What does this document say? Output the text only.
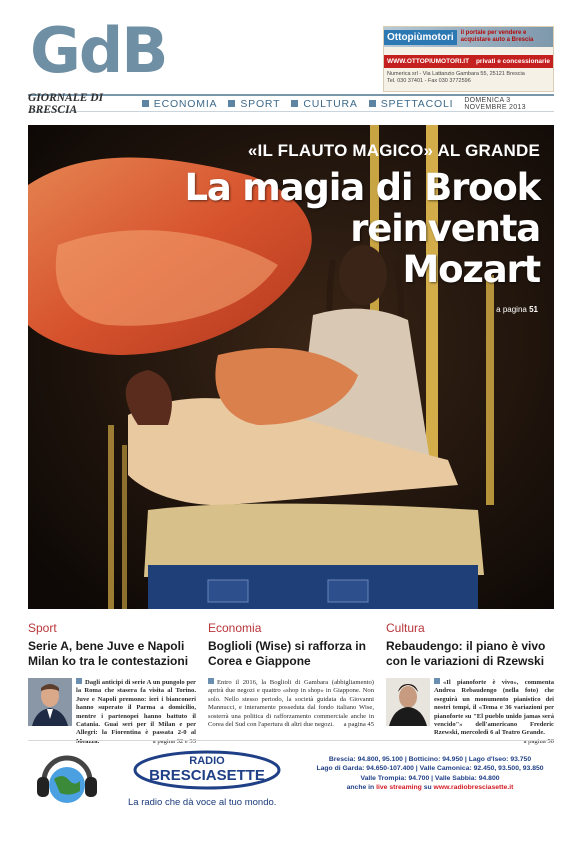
GdB	Ottopiùmotori	il portale per vendere e
acquistare auto a Brescia
WWW.OTTOPIUMOTORI.IT privati e concessionarie
Numerica srl - Via Lattanzio Gambara 55, 25121 Brescia
Tel. 030 37401 - Fax 030 3772596
GIORNALE DI BRESCIA	ECONOMIA SPORT CULTURA SPETTACOLI DOMENICA 3 NOVEMBRE 2013
«IL FLAUTO MAGICO» AL GRANDE
La magia di Brook
reinventa
Mozart
a pagina 51
Sport
Serie A, bene Juve e Napoli Milan ko tra le contestazioni
Dagli anticipi di serie A un pungolo per la Roma che stasera fa visita al Torino. Juve e Napoli premono: ieri i bianconeri hanno superato il Parma a domicilio, mentre i partenopei hanno battuto il Catania. Guai seri per il Milan e per Allegri: la Fiorentina è passata 2-0 al Meazza.	a pagina 32 e 33
Economia
Boglioli (Wise) si rafforza in Corea e Giappone
Entro il 2016, la Boglioli di Gambara (abbigliamento) aprirà due negozi e quattro «shop in shop» in Giappone. Non solo. Nello stesso periodo, la società guidata da Giovanni Mannucci, e interamente posseduta dal fondo italiano Wise, sosterrà una politica di rafforzamento commerciale anche in Corea del Sud con l'apertura di altri due negozi. a pagina 45
Cultura
Rebaudengo: il piano è vivo con le variazioni di Rzewski
«Il pianoforte è vivo», commenta Andrea Rebaudengo (nella foto) che eseguirà un monumento pianistico dei nostri tempi, il «Tema e 36 variazioni per pianoforte su "El pueblo unido jamas será vencido"» dell'americano Frederic Rzewski, mercoledì 6 al Teatro Grande.
a pagina 50
RADIO
BRESCIASETTE
La radio che dà voce al tuo mondo.
Brescia: 94.800, 95.100 | Botticino: 94.950 | Lago d'Iseo: 93.750
Lago di Garda: 94.650-107.400 | Valle Camonica: 92.450, 93.500, 93.850
Valle Trompia: 94.700 | Valle Sabbia: 94.800
anche in live streaming su www.radiobresciasette.it
